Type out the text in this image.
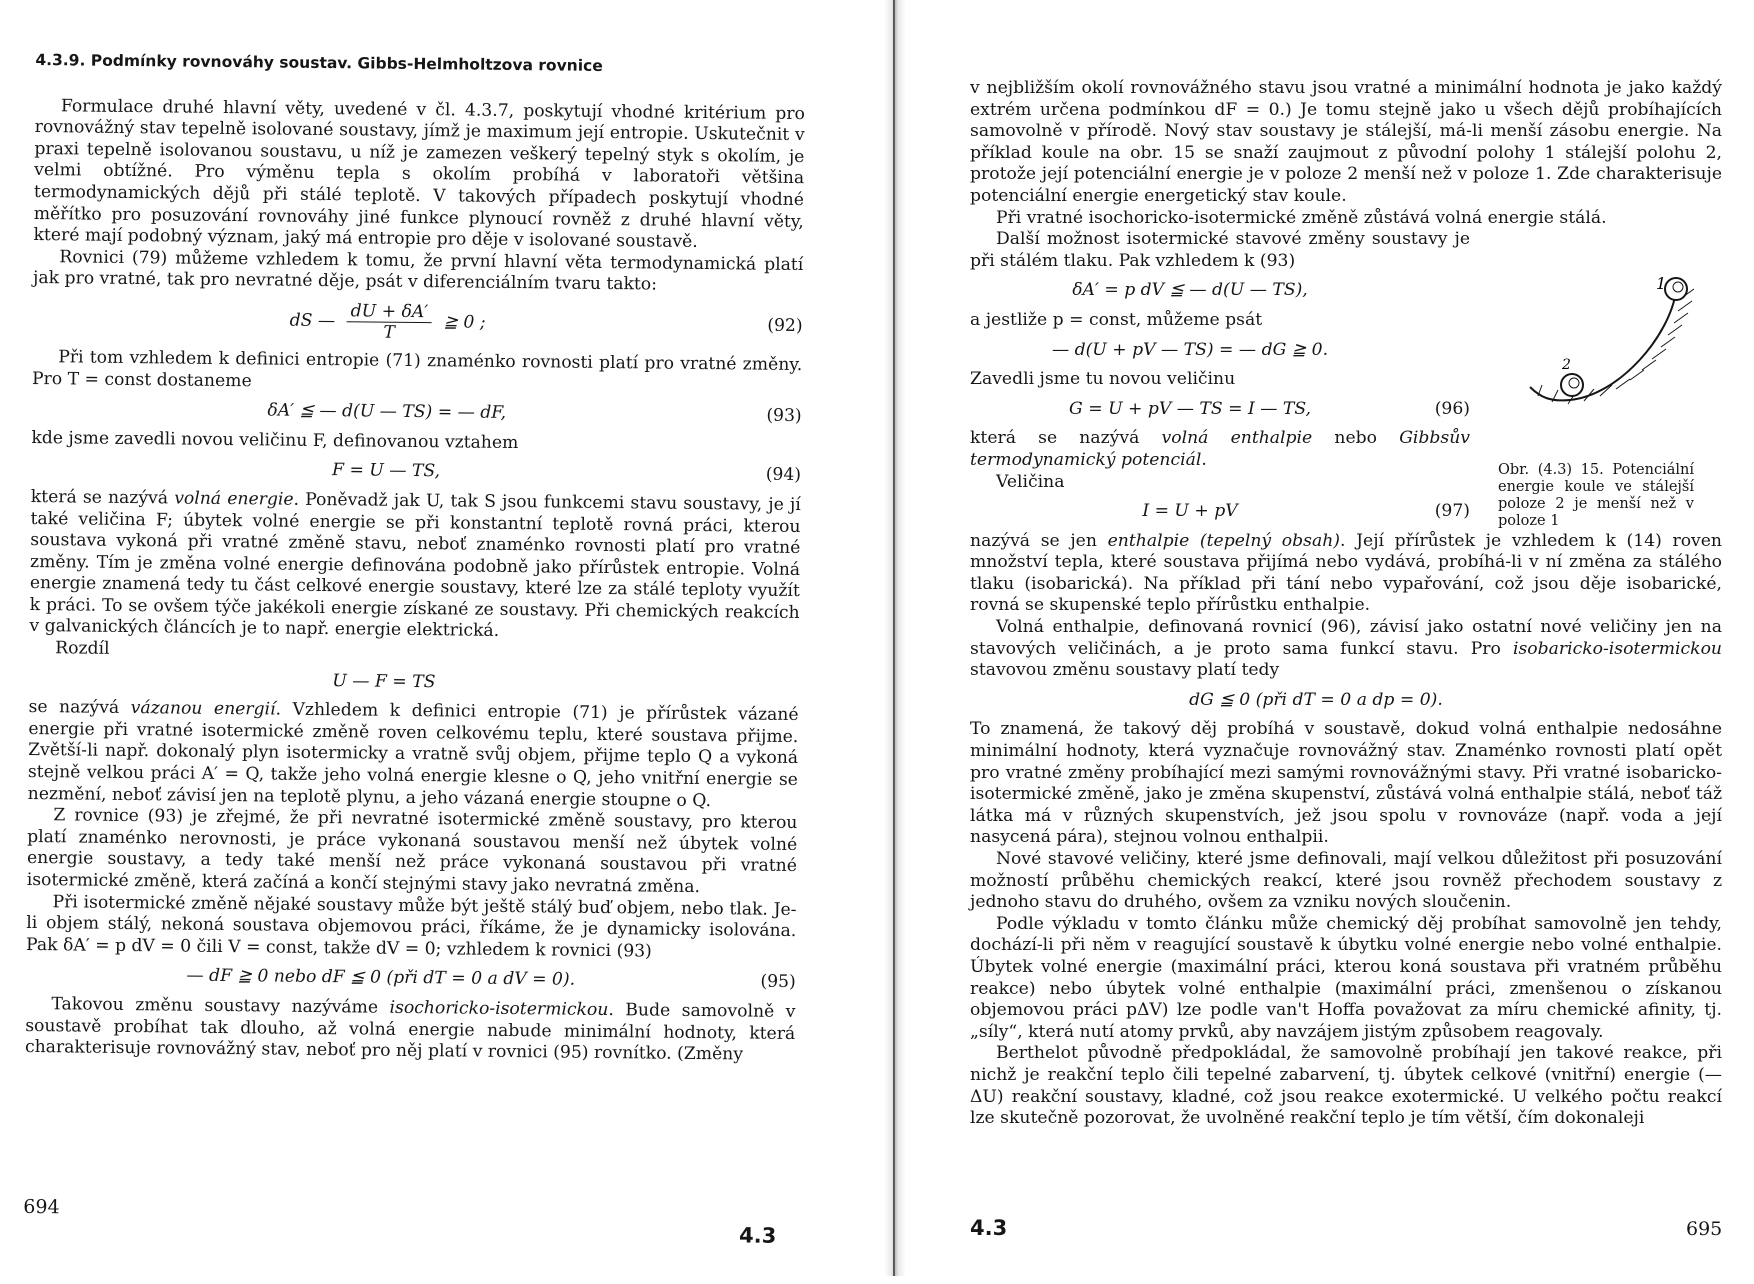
4.3.9. Podmínky rovnováhy soustav. Gibbs-Helmholtzova rovnice

Formulace druhé hlavní věty, uvedené v čl. 4.3.7, poskytují vhodné kritérium pro rovnovážný stav tepelně isolované soustavy, jímž je maximum její entropie. Uskutečnit v praxi tepelně isolovanou soustavu, u níž je zamezen veškerý tepelný styk s okolím, je velmi obtížné. Pro výměnu tepla s okolím probíhá v laboratoři většina termodynamických dějů při stálé teplotě. V takových případech poskytují vhodné měřítko pro posuzování rovnováhy jiné funkce plynoucí rovněž z druhé hlavní věty, které mají podobný význam, jaký má entropie pro děje v isolované soustavě.

Rovnici (79) můžeme vzhledem k tomu, že první hlavní věta termodynamická platí jak pro vratné, tak pro nevratné děje, psát v diferenciálním tvaru takto:

dS — $\frac{dU + \delta A'}{T}$ ≧ 0 ;	(92)

Při tom vzhledem k definici entropie (71) znaménko rovnosti platí pro vratné změny. Pro T = const dostaneme

δA′ ≦ — d(U — TS) = — dF,	(93)

kde jsme zavedli novou veličinu F, definovanou vztahem

F = U — TS,	(94)

která se nazývá volná energie. Poněvadž jak U, tak S jsou funkcemi stavu soustavy, je jí také veličina F; úbytek volné energie se při konstantní teplotě rovná práci, kterou soustava vykoná při vratné změně stavu, neboť znaménko rovnosti platí pro vratné změny. Tím je změna volné energie definována podobně jako přírůstek entropie. Volná energie znamená tedy tu část celkové energie soustavy, které lze za stálé teploty využít k práci. To se ovšem týče jakékoli energie získané ze soustavy. Při chemických reakcích v galvanických článcích je to např. energie elektrická.

Rozdíl

U — F = TS

se nazývá vázanou energií. Vzhledem k definici entropie (71) je přírůstek vázané energie při vratné isotermické změně roven celkovému teplu, které soustava přijme. Zvětší-li např. dokonalý plyn isotermicky a vratně svůj objem, přijme teplo Q a vykoná stejně velkou práci A′ = Q, takže jeho volná energie klesne o Q, jeho vnitřní energie se nezmění, neboť závisí jen na teplotě plynu, a jeho vázaná energie stoupne o Q.

Z rovnice (93) je zřejmé, že při nevratné isotermické změně soustavy, pro kterou platí znaménko nerovnosti, je práce vykonaná soustavou menší než úbytek volné energie soustavy, a tedy také menší než práce vykonaná soustavou při vratné isotermické změně, která začíná a končí stejnými stavy jako nevratná změna.

Při isotermické změně nějaké soustavy může být ještě stálý buď objem, nebo tlak. Je-li objem stálý, nekoná soustava objemovou práci, říkáme, že je dynamicky isolována. Pak δA′ = p dV = 0 čili V = const, takže dV = 0; vzhledem k rovnici (93)

— dF ≧ 0 nebo dF ≦ 0 (při dT = 0 a dV = 0).	(95)

Takovou změnu soustavy nazýváme isochoricko-isotermickou. Bude samovolně v soustavě probíhat tak dlouho, až volná energie nabude minimální hodnoty, která charakterisuje rovnovážný stav, neboť pro něj platí v rovnici (95) rovnítko. (Změny

694
4.3

v nejbližším okolí rovnovážného stavu jsou vratné a minimální hodnota je jako každý extrém určena podmínkou dF = 0.) Je tomu stejně jako u všech dějů probíhajících samovolně v přírodě. Nový stav soustavy je stálejší, má-li menší zásobu energie. Na příklad koule na obr. 15 se snaží zaujmout z původní polohy 1 stálejší polohu 2, protože její potenciální energie je v poloze 2 menší než v poloze 1. Zde charakterisuje potenciální energie energetický stav koule.

Při vratné isochoricko-isotermické změně zůstává volná energie stálá.

Další možnost isotermické stavové změny soustavy je při stálém tlaku. Pak vzhledem k (93)

δA′ = p dV ≦ — d(U — TS),

a jestliže p = const, můžeme psát

— d(U + pV — TS) = — dG ≧ 0.

Zavedli jsme tu novou veličinu

G = U + pV — TS = I — TS,	(96)

která se nazývá volná enthalpie nebo Gibbsův termodynamický potenciál.

Veličina

I = U + pV	(97)

nazývá se jen enthalpie (tepelný obsah). Její přírůstek je vzhledem k (14) roven množství tepla, které soustava přijímá nebo vydává, probíhá-li v ní změna za stálého tlaku (isobarická). Na příklad při tání nebo vypařování, což jsou děje isobarické, rovná se skupenské teplo přírůstku enthalpie.

Volná enthalpie, definovaná rovnicí (96), závisí jako ostatní nové veličiny jen na stavových veličinách, a je proto sama funkcí stavu. Pro isobaricko-isotermickou stavovou změnu soustavy platí tedy

dG ≦ 0 (při dT = 0 a dp = 0).

To znamená, že takový děj probíhá v soustavě, dokud volná enthalpie nedosáhne minimální hodnoty, která vyznačuje rovnovážný stav. Znaménko rovnosti platí opět pro vratné změny probíhající mezi samými rovnovážnými stavy. Při vratné isobaricko-isotermické změně, jako je změna skupenství, zůstává volná enthalpie stálá, neboť táž látka má v různých skupenstvích, jež jsou spolu v rovnováze (např. voda a její nasycená pára), stejnou volnou enthalpii.

Nové stavové veličiny, které jsme definovali, mají velkou důležitost při posuzování možností průběhu chemických reakcí, které jsou rovněž přechodem soustavy z jednoho stavu do druhého, ovšem za vzniku nových sloučenin.

Podle výkladu v tomto článku může chemický děj probíhat samovolně jen tehdy, dochází-li při něm v reagující soustavě k úbytku volné energie nebo volné enthalpie. Úbytek volné energie (maximální práci, kterou koná soustava při vratném průběhu reakce) nebo úbytek volné enthalpie (maximální práci, zmenšenou o získanou objemovou práci pΔV) lze podle van't Hoffa považovat za míru chemické afinity, tj. „síly“, která nutí atomy prvků, aby navzájem jistým způsobem reagovaly.

Berthelot původně předpokládal, že samovolně probíhají jen takové reakce, při nichž je reakční teplo čili tepelné zabarvení, tj. úbytek celkové (vnitřní) energie (— ΔU) reakční soustavy, kladné, což jsou reakce exotermické. U velkého počtu reakcí lze skutečně pozorovat, že uvolněné reakční teplo je tím větší, čím dokonaleji

1
2
Obr. (4.3) 15. Potenciální energie koule ve stálejší poloze 2 je menší než v poloze 1
4.3	695
